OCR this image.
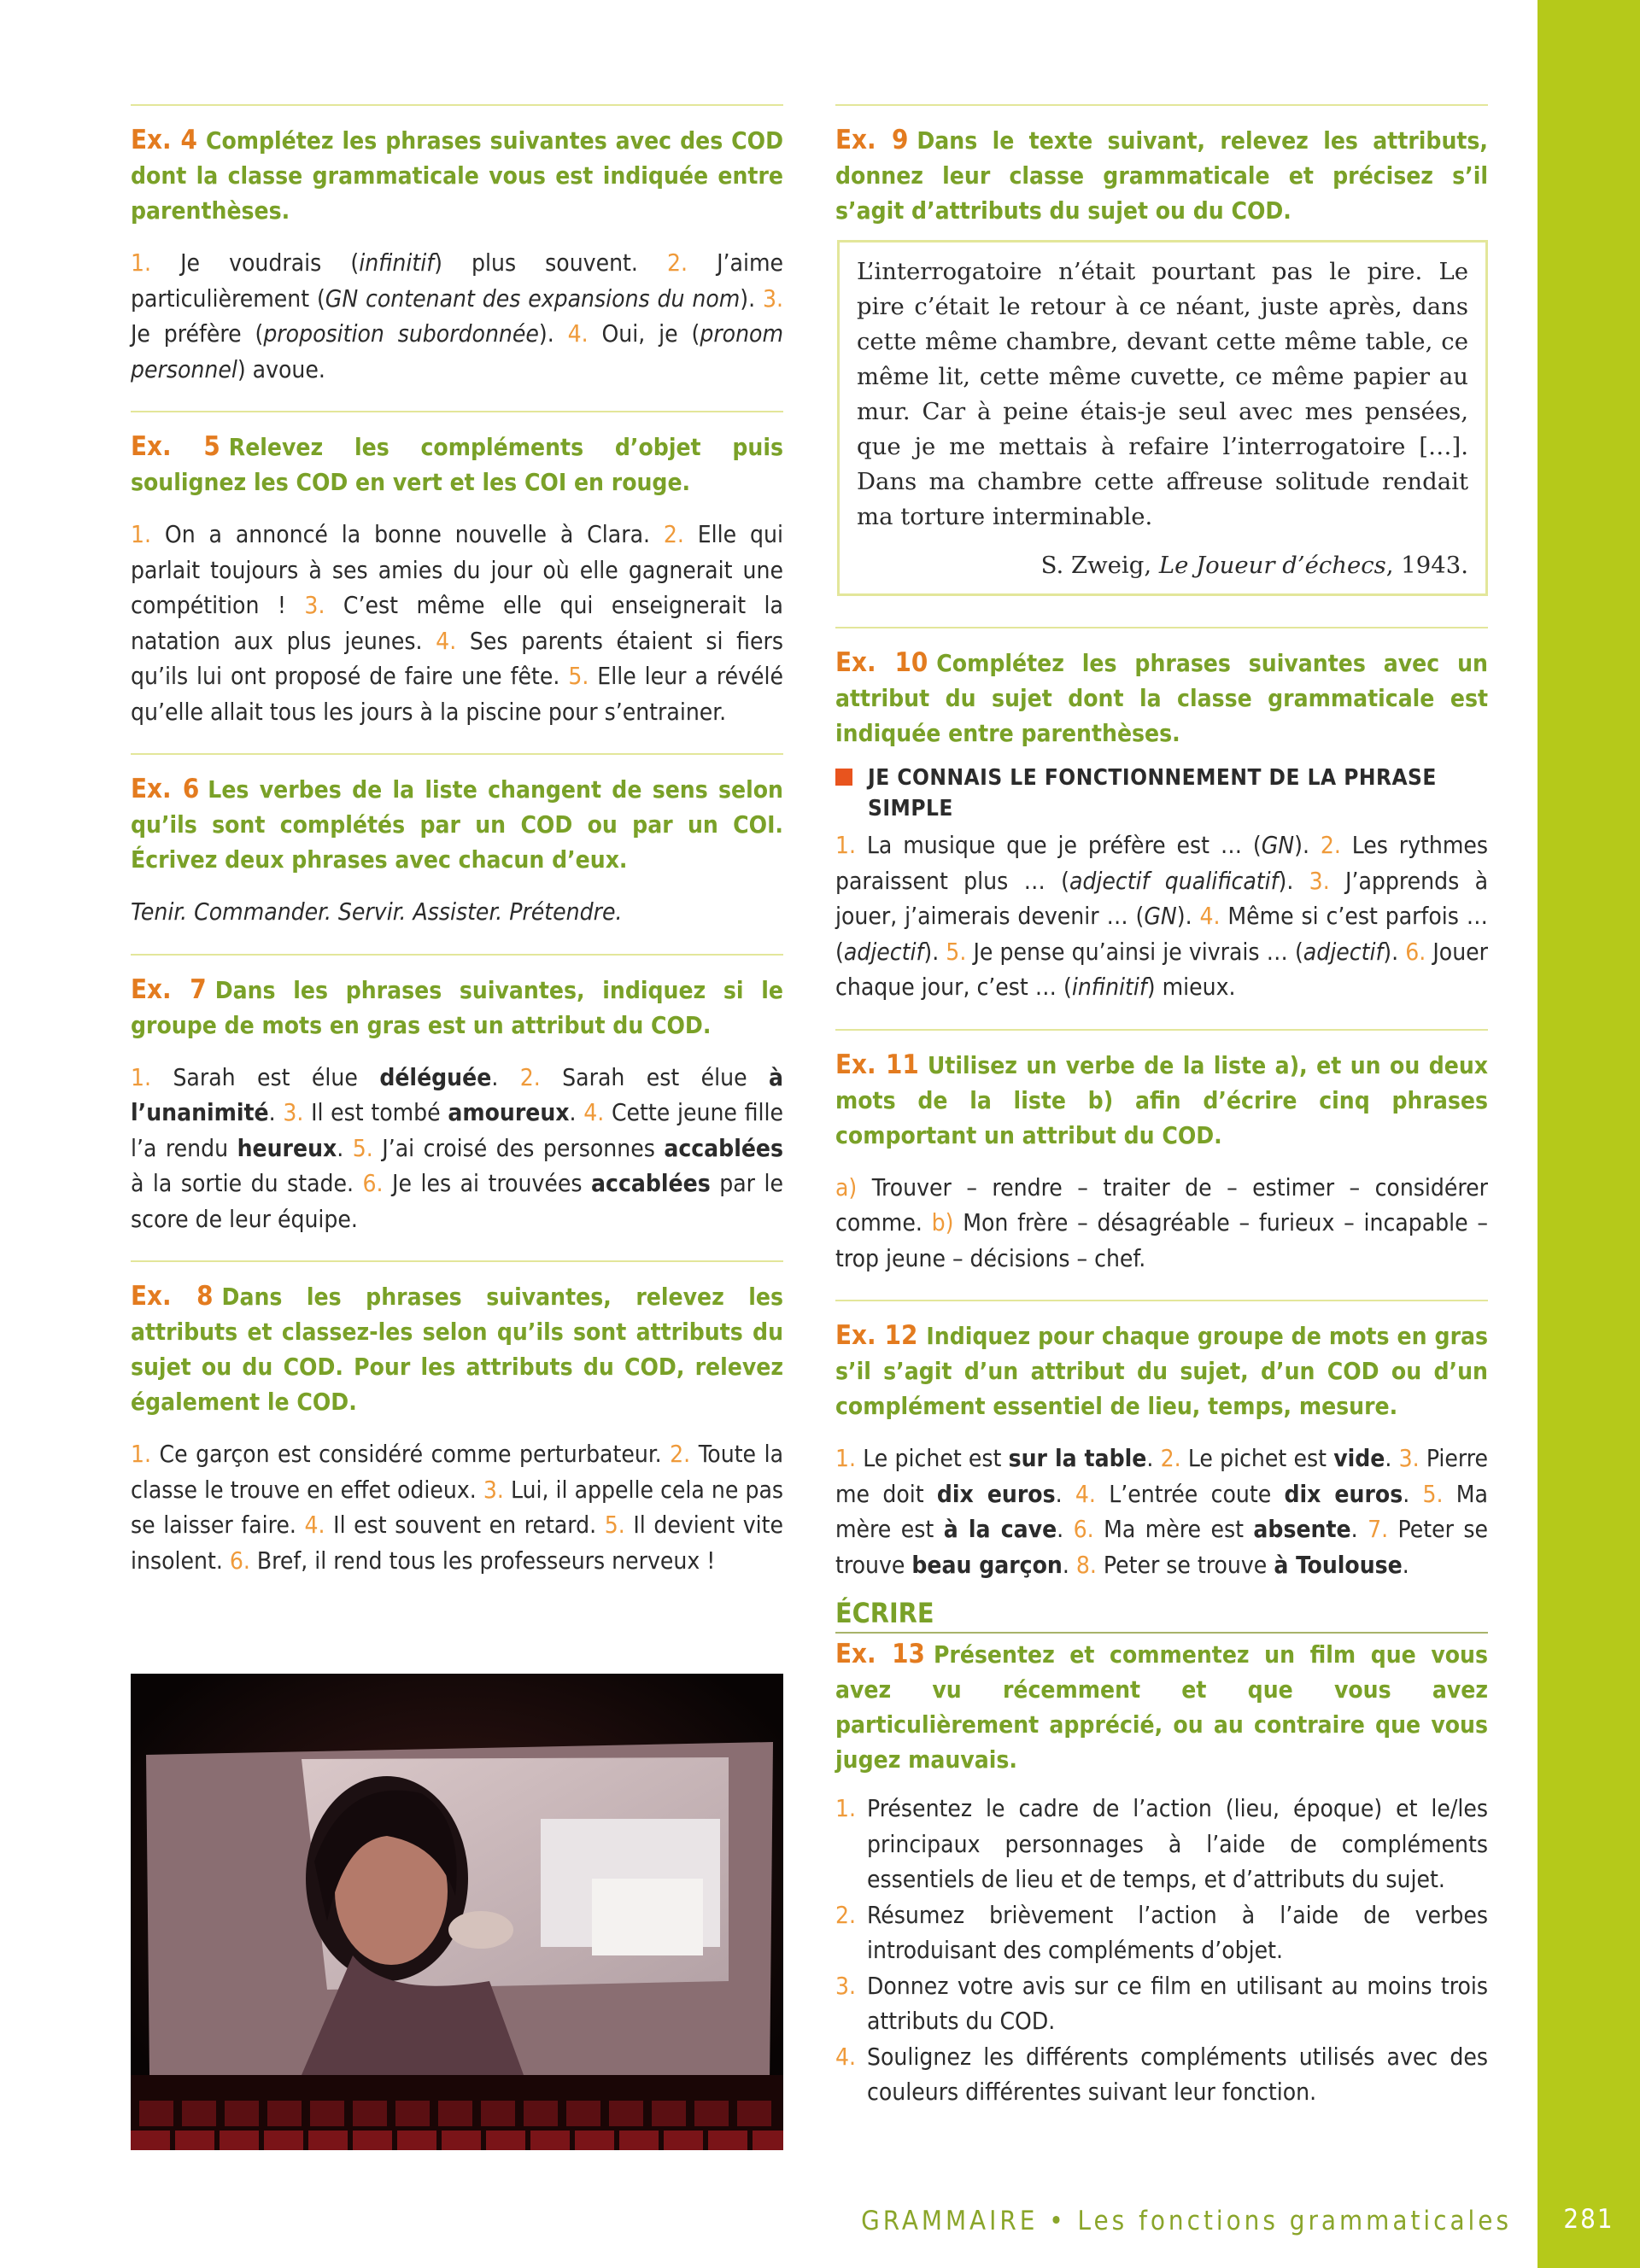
Ex. 4 Complétez les phrases suivantes avec des COD dont la classe grammaticale vous est indiquée entre parenthèses.

1. Je voudrais (infinitif) plus souvent. 2. J’aime particulièrement (GN contenant des expansions du nom). 3. Je préfère (proposition subordonnée). 4. Oui, je (pronom personnel) avoue.

Ex. 5 Relevez les compléments d’objet puis soulignez les COD en vert et les COI en rouge.

1. On a annoncé la bonne nouvelle à Clara. 2. Elle qui parlait toujours à ses amies du jour où elle gagnerait une compétition ! 3. C’est même elle qui enseignerait la natation aux plus jeunes. 4. Ses parents étaient si fiers qu’ils lui ont proposé de faire une fête. 5. Elle leur a révélé qu’elle allait tous les jours à la piscine pour s’entrainer.

Ex. 6 Les verbes de la liste changent de sens selon qu’ils sont complétés par un COD ou par un COI. Écrivez deux phrases avec chacun d’eux.

Tenir. Commander. Servir. Assister. Prétendre.

Ex. 7 Dans les phrases suivantes, indiquez si le groupe de mots en gras est un attribut du COD.

1. Sarah est élue déléguée. 2. Sarah est élue à l’unanimité. 3. Il est tombé amoureux. 4. Cette jeune fille l’a rendu heureux. 5. J’ai croisé des personnes accablées à la sortie du stade. 6. Je les ai trouvées accablées par le score de leur équipe.

Ex. 8 Dans les phrases suivantes, relevez les attributs et classez-les selon qu’ils sont attributs du sujet ou du COD. Pour les attributs du COD, relevez également le COD.

1. Ce garçon est considéré comme perturbateur. 2. Toute la classe le trouve en effet odieux. 3. Lui, il appelle cela ne pas se laisser faire. 4. Il est souvent en retard. 5. Il devient vite insolent. 6. Bref, il rend tous les professeurs nerveux !

Ex. 9 Dans le texte suivant, relevez les attributs, donnez leur classe grammaticale et précisez s’il s’agit d’attributs du sujet ou du COD.

L’interrogatoire n’était pourtant pas le pire. Le pire c’était le retour à ce néant, juste après, dans cette même chambre, devant cette même table, ce même lit, cette même cuvette, ce même papier au mur. Car à peine étais-je seul avec mes pensées, que je me mettais à refaire l’interrogatoire […]. Dans ma chambre cette affreuse solitude rendait ma torture interminable.

S. Zweig, Le Joueur d’échecs, 1943.

Ex. 10 Complétez les phrases suivantes avec un attribut du sujet dont la classe grammaticale est indiquée entre parenthèses.

JE CONNAIS LE FONCTIONNEMENT DE LA PHRASE SIMPLE

1. La musique que je préfère est … (GN). 2. Les rythmes paraissent plus … (adjectif qualificatif). 3. J’apprends à jouer, j’aimerais devenir … (GN). 4. Même si c’est parfois … (adjectif). 5. Je pense qu’ainsi je vivrais … (adjectif). 6. Jouer chaque jour, c’est … (infinitif) mieux.

Ex. 11 Utilisez un verbe de la liste a), et un ou deux mots de la liste b) afin d’écrire cinq phrases comportant un attribut du COD.

a) Trouver – rendre – traiter de – estimer – considérer comme. b) Mon frère – désagréable – furieux – incapable – trop jeune – décisions – chef.

Ex. 12 Indiquez pour chaque groupe de mots en gras s’il s’agit d’un attribut du sujet, d’un COD ou d’un complément essentiel de lieu, temps, mesure.

1. Le pichet est sur la table. 2. Le pichet est vide. 3. Pierre me doit dix euros. 4. L’entrée coute dix euros. 5. Ma mère est à la cave. 6. Ma mère est absente. 7. Peter se trouve beau garçon. 8. Peter se trouve à Toulouse.

ÉCRIRE

Ex. 13 Présentez et commentez un film que vous avez vu récemment et que vous avez particulièrement apprécié, ou au contraire que vous jugez mauvais.

1. Présentez le cadre de l’action (lieu, époque) et le/les principaux personnages à l’aide de compléments essentiels de lieu et de temps, et d’attributs du sujet.
2. Résumez brièvement l’action à l’aide de verbes introduisant des compléments d’objet.
3. Donnez votre avis sur ce film en utilisant au moins trois attributs du COD.
4. Soulignez les différents compléments utilisés avec des couleurs différentes suivant leur fonction.
GRAMMAIRE • Les fonctions grammaticales	281
